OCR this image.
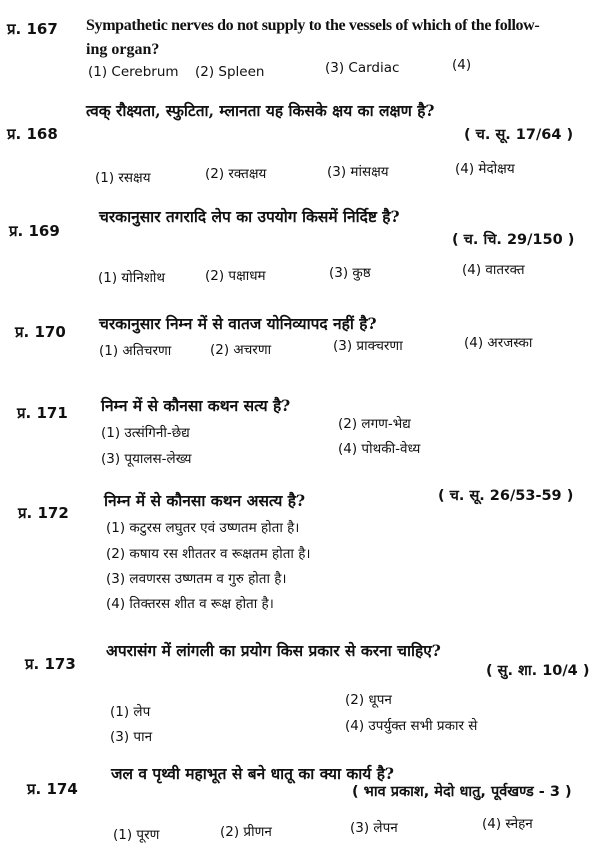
प्र. 167 Sympathetic nerves do not supply to the vessels of which of the follow-
ing organ?
(1) Cerebrum (2) Spleen	(3) Cardiac	(4)
प्र. 168
त्वक् रौक्ष्यता, स्फुटिता, म्लानता यह किसके क्षय का लक्षण है?
( च. सू. 17/64 )
(1) रसक्षय	(2) रक्तक्षय	(3) मांसक्षय	(4) मेदोक्षय
प्र. 169
चरकानुसार तगरादि लेप का उपयोग किसमें निर्दिष्ट है?
( च. चि. 29/150 )
(1) योनिशोथ	(2) पक्षाधम	(3) कुष्ठ	(4) वातरक्त
प्र. 170 चरकानुसार निम्न में से वातज योनिव्यापद नहीं है?
(1) अतिचरणा	(2) अचरणा	(3) प्राक्चरणा	(4) अरजस्का
प्र. 171 निम्न में से कौनसा कथन सत्य है?
(1) उत्संगिनी-छेद्य
(2) लगण-भेद्य
(3) पूयालस-लेख्य
(4) पोथकी-वेध्य
प्र. 172
निम्न में से कौनसा कथन असत्य है?	( च. सू. 26/53-59 )
(1) कटुरस लघुतर एवं उष्णतम होता है।
(2) कषाय रस शीततर व रूक्षतम होता है।
(3) लवणरस उष्णतम व गुरु होता है।
(4) तिक्तरस शीत व रूक्ष होता है।
प्र. 173
अपरासंग में लांगली का प्रयोग किस प्रकार से करना चाहिए?
( सु. शा. 10/4 )
(1) लेप
(2) धूपन
(3) पान
(4) उपर्युक्त सभी प्रकार से
प्र. 174
जल व पृथ्वी महाभूत से बने धातू का क्या कार्य है?
( भाव प्रकाश, मेदो धातु, पूर्वखण्ड - 3 )
(1) पूरण	(2) प्रीणन	(3) लेपन	(4) स्नेहन
